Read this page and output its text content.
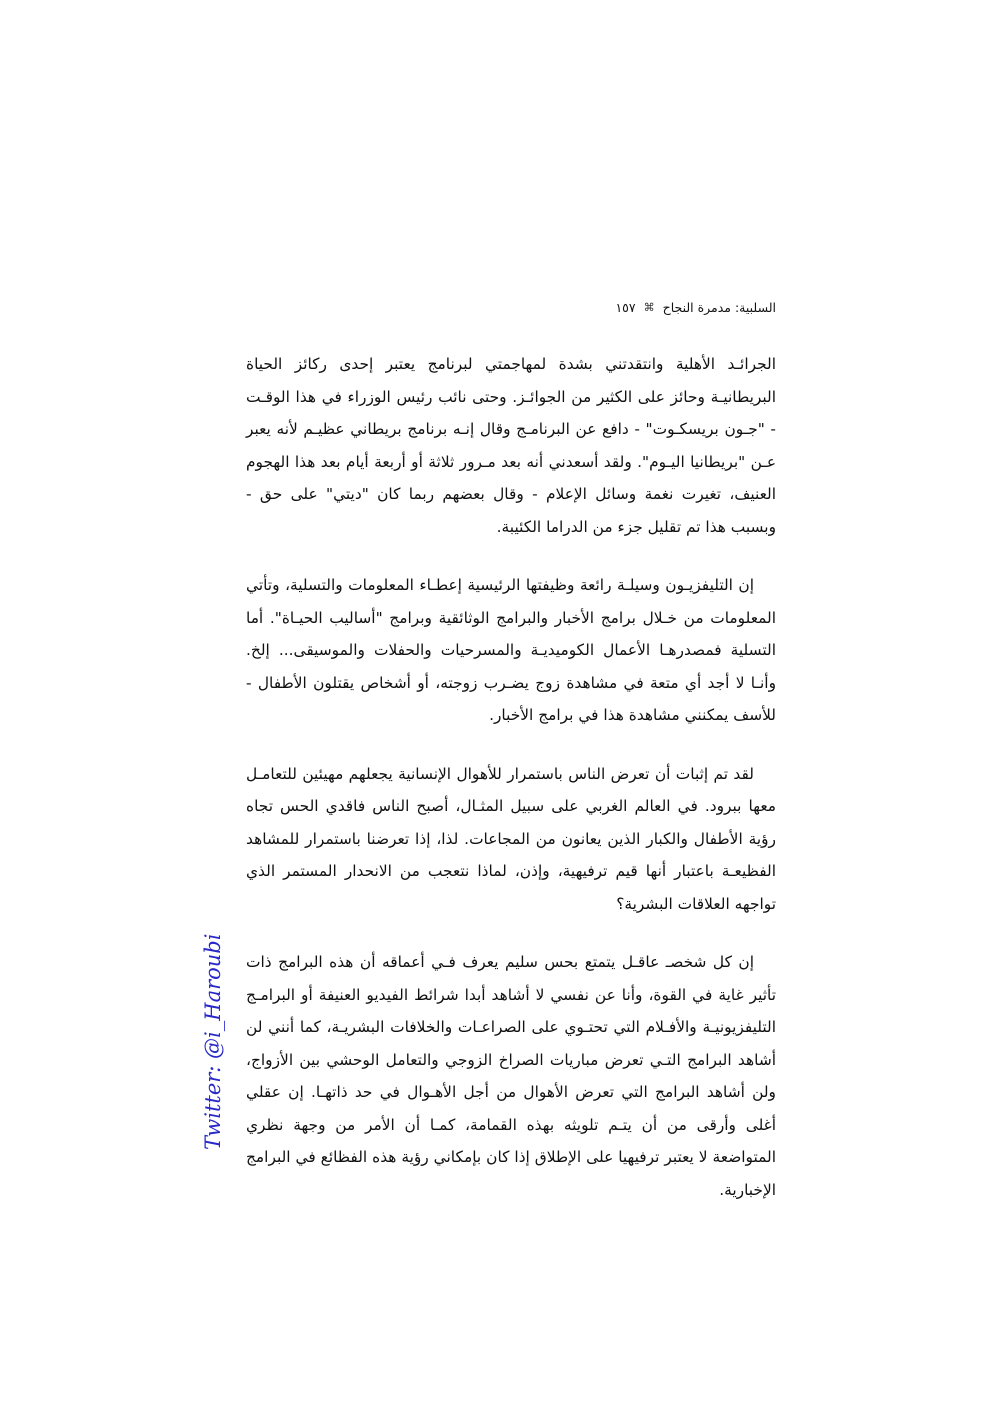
السلبية: مدمرة النجاح
⌘
١٥٧

الجرائـد الأهلية وانتقدتني بشدة لمهاجمتي لبرنامج يعتبر إحدى ركائز الحياة البريطانيـة وحائز على الكثير من الجوائـز. وحتى نائب رئيس الوزراء في هذا الوقـت - "جـون بريسكـوت" - دافع عن البرنامـج وقال إنـه برنامج بريطاني عظيـم لأنه يعبر عـن "بريطانيا اليـوم". ولقد أسعدني أنه بعد مـرور ثلاثة أو أربعة أيام بعد هذا الهجوم العنيف، تغيرت نغمة وسائل الإعلام - وقال بعضهم ربما كان "ديتي" على حق - وبسبب هذا تم تقليل جزء من الدراما الكئيبة.

إن التليفزيـون وسيلـة رائعة وظيفتها الرئيسية إعطـاء المعلومات والتسلية، وتأتي المعلومات من خـلال برامج الأخبار والبرامج الوثائقية وبرامج "أساليب الحيـاة". أما التسلية فمصدرهـا الأعمال الكوميديـة والمسرحيات والحفلات والموسيقى... إلخ. وأنـا لا أجد أي متعة في مشاهدة زوج يضـرب زوجته، أو أشخاص يقتلون الأطفال - للأسف يمكنني مشاهدة هذا في برامج الأخبار.

لقد تم إثبات أن تعرض الناس باستمرار للأهوال الإنسانية يجعلهم مهيئين للتعامـل معها ببرود. في العالم الغربي على سبيل المثـال، أصبح الناس فاقدي الحس تجاه رؤية الأطفال والكبار الذين يعانون من المجاعات. لذا، إذا تعرضنا باستمرار للمشاهد الفظيعـة باعتبار أنها قيم ترفيهية، وإذن، لماذا نتعجب من الانحدار المستمر الذي تواجهه العلاقات البشرية؟

إن كل شخصـ عاقـل يتمتع بحس سليم يعرف فـي أعماقه أن هذه البرامج ذات تأثير غاية في القوة، وأنا عن نفسي لا أشاهد أبدا شرائط الفيديو العنيفة أو البرامـج التليفزيونيـة والأفـلام التي تحتـوي على الصراعـات والخلافات البشريـة، كما أنني لن أشاهد البرامج التـي تعرض مباريات الصراخ الزوجي والتعامل الوحشي بين الأزواج، ولن أشاهد البرامج التي تعرض الأهوال من أجل الأهـوال في حد ذاتهـا. إن عقلي أغلى وأرقى من أن يتـم تلويثه بهذه القمامة، كمـا أن الأمر من وجهة نظري المتواضعة لا يعتبر ترفيهيا على الإطلاق إذا كان بإمكاني رؤية هذه الفظائع في البرامج الإخبارية.

Twitter: @i_Haroubi
